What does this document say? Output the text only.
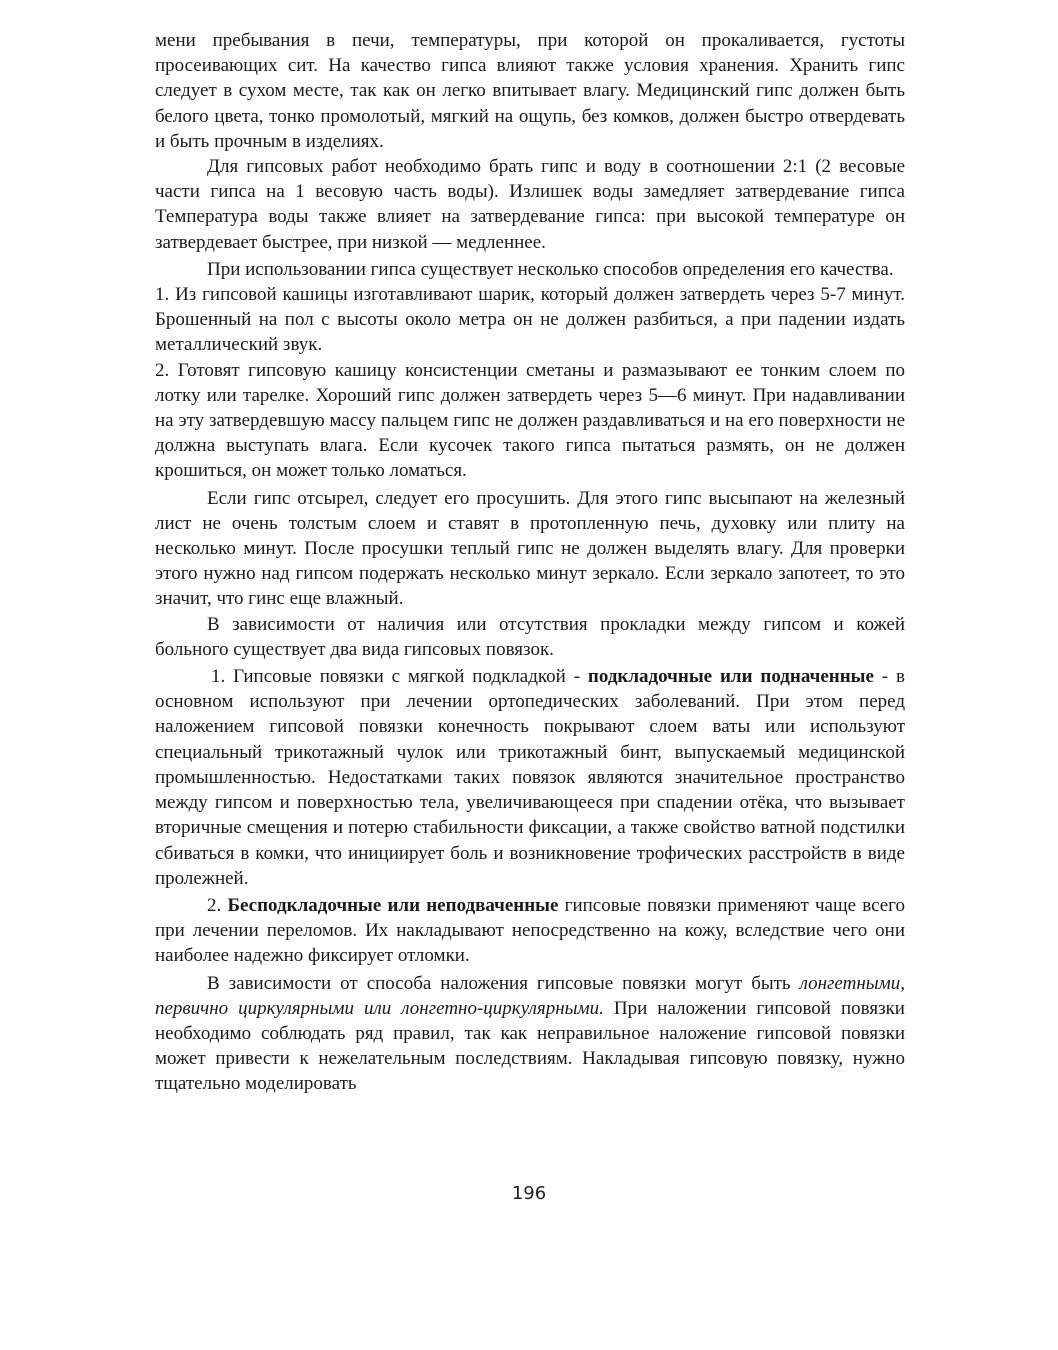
мени пребывания в печи, температуры, при которой он прокаливается, густоты просеивающих сит. На качество гипса влияют также условия хранения. Хранить гипс следует в сухом месте, так как он легко впитывает влагу. Медицинский гипс должен быть белого цвета, тонко промолотый, мягкий на ощупь, без комков, должен быстро отвердевать и быть прочным в изделиях.

Для гипсовых работ необходимо брать гипс и воду в соотношении 2:1 (2 весовые части гипса на 1 весовую часть воды). Излишек воды замедляет затвердевание гипса Температура воды также влияет на затвердевание гипса: при высокой температуре он затвердевает быстрее, при низкой — медленнее.

При использовании гипса существует несколько способов определения его качества.

1. Из гипсовой кашицы изготавливают шарик, который должен затвердеть через 5-7 минут. Брошенный на пол с высоты около метра он не должен разбиться, а при падении издать металлический звук.

2. Готовят гипсовую кашицу консистенции сметаны и размазывают ее тонким слоем по лотку или тарелке. Хороший гипс должен затвердеть через 5—6 минут. При надавливании на эту затвердевшую массу пальцем гипс не должен раздавливаться и на его поверхности не должна выступать влага. Если кусочек такого гипса пытаться размять, он не должен крошиться, он может только ломаться.

Если гипс отсырел, следует его просушить. Для этого гипс высыпают на железный лист не очень толстым слоем и ставят в протопленную печь, духовку или плиту на несколько минут. После просушки теплый гипс не должен выделять влагу. Для проверки этого нужно над гипсом подержать несколько минут зеркало. Если зеркало запотеет, то это значит, что гинс еще влажный.

В зависимости от наличия или отсутствия прокладки между гипсом и кожей больного существует два вида гипсовых повязок.

1. Гипсовые повязки с мягкой подкладкой - подкладочные или подначенные - в основном используют при лечении ортопедических заболеваний. При этом перед наложением гипсовой повязки конечность покрывают слоем ваты или используют специальный трикотажный чулок или трикотажный бинт, выпускаемый медицинской промышленностью. Недостатками таких повязок являются значительное пространство между гипсом и поверхностью тела, увеличивающееся при спадении отёка, что вызывает вторичные смещения и потерю стабильности фиксации, а также свойство ватной подстилки сбиваться в комки, что инициирует боль и возникновение трофических расстройств в виде пролежней.

2. Бесподкладочные или неподваченные гипсовые повязки применяют чаще всего при лечении переломов. Их накладывают непосредственно на кожу, вследствие чего они наиболее надежно фиксирует отломки.

В зависимости от способа наложения гипсовые повязки могут быть лонгетными, первично циркулярными или лонгетно-циркулярными. При наложении гипсовой повязки необходимо соблюдать ряд правил, так как неправильное наложение гипсовой повязки может привести к нежелательным последствиям. Накладывая гипсовую повязку, нужно тщательно моделировать

196
